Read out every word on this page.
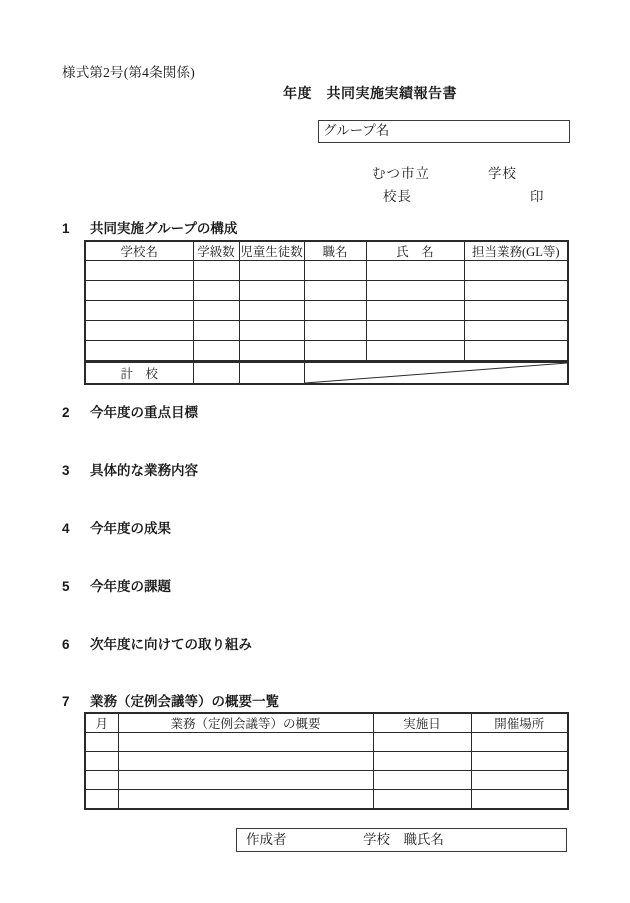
様式第2号(第4条関係)
年度　共同実施実績報告書
グループ名
むつ市立	学校
校長	印
1 共同実施グループの構成
2 今年度の重点目標
3 具体的な業務内容
4 今年度の成果
5 今年度の課題
6 次年度に向けての取り組み
7 業務（定例会議等）の概要一覧
学校名	学級数	児童生徒数	職名	氏　名	担当業務(GL等)

計　校			
月	業務（定例会議等）の概要	実施日	開催場所

作成者	学校　職氏名
